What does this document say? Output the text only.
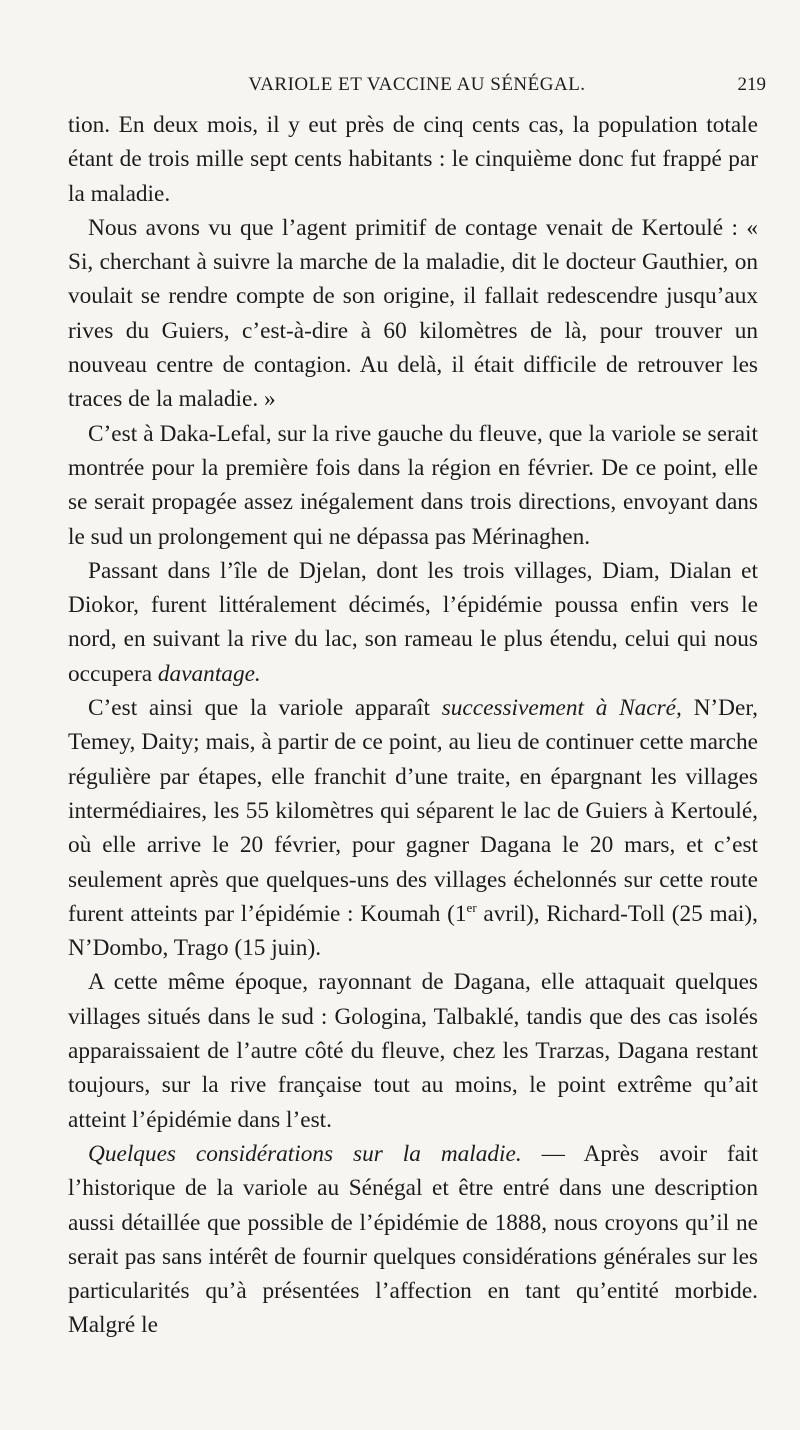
VARIOLE ET VACCINE AU SÉNÉGAL.	219

tion. En deux mois, il y eut près de cinq cents cas, la population totale étant de trois mille sept cents habitants : le cinquième donc fut frappé par la maladie.

Nous avons vu que l’agent primitif de contage venait de Kertoulé : « Si, cherchant à suivre la marche de la maladie, dit le docteur Gauthier, on voulait se rendre compte de son origine, il fallait redescendre jusqu’aux rives du Guiers, c’est-à-dire à 60 kilomètres de là, pour trouver un nouveau centre de contagion. Au delà, il était difficile de retrouver les traces de la maladie. »

C’est à Daka-Lefal, sur la rive gauche du fleuve, que la variole se serait montrée pour la première fois dans la région en février. De ce point, elle se serait propagée assez inégalement dans trois directions, envoyant dans le sud un prolongement qui ne dépassa pas Mérinaghen.

Passant dans l’île de Djelan, dont les trois villages, Diam, Dialan et Diokor, furent littéralement décimés, l’épidémie poussa enfin vers le nord, en suivant la rive du lac, son rameau le plus étendu, celui qui nous occupera davantage.

C’est ainsi que la variole apparaît successivement à Nacré, N’Der, Temey, Daity; mais, à partir de ce point, au lieu de continuer cette marche régulière par étapes, elle franchit d’une traite, en épargnant les villages intermédiaires, les 55 kilomètres qui séparent le lac de Guiers à Kertoulé, où elle arrive le 20 février, pour gagner Dagana le 20 mars, et c’est seulement après que quelques-uns des villages échelonnés sur cette route furent atteints par l’épidémie : Koumah (1er avril), Richard-Toll (25 mai), N’Dombo, Trago (15 juin).

A cette même époque, rayonnant de Dagana, elle attaquait quelques villages situés dans le sud : Gologina, Talbaklé, tandis que des cas isolés apparaissaient de l’autre côté du fleuve, chez les Trarzas, Dagana restant toujours, sur la rive française tout au moins, le point extrême qu’ait atteint l’épidémie dans l’est.

Quelques considérations sur la maladie. — Après avoir fait l’historique de la variole au Sénégal et être entré dans une description aussi détaillée que possible de l’épidémie de 1888, nous croyons qu’il ne serait pas sans intérêt de fournir quelques considérations générales sur les particularités qu’à présentées l’affection en tant qu’entité morbide. Malgré le
